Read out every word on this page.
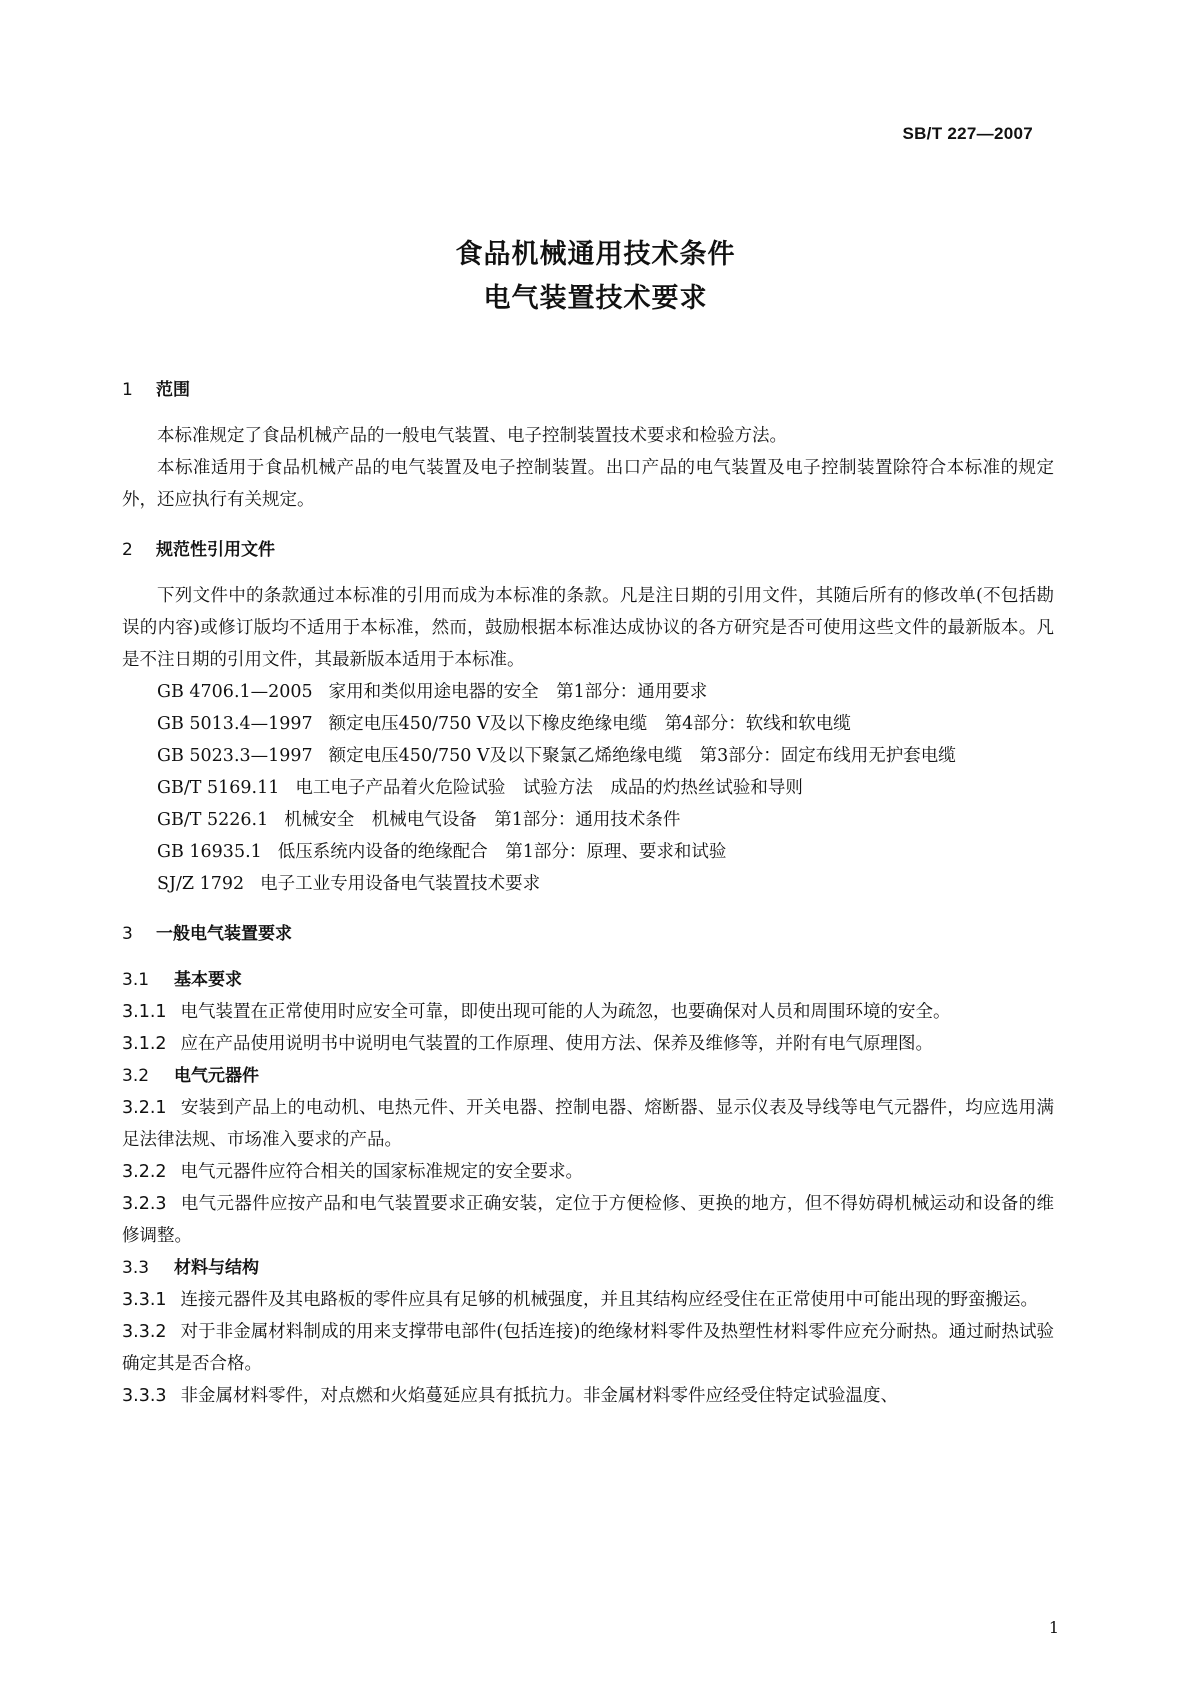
SB/T 227—2007
食品机械通用技术条件
电气装置技术要求
1 范围

本标准规定了食品机械产品的一般电气装置、电子控制装置技术要求和检验方法。

本标准适用于食品机械产品的电气装置及电子控制装置。出口产品的电气装置及电子控制装置除符合本标准的规定外，还应执行有关规定。

2 规范性引用文件

下列文件中的条款通过本标准的引用而成为本标准的条款。凡是注日期的引用文件，其随后所有的修改单(不包括勘误的内容)或修订版均不适用于本标准，然而，鼓励根据本标准达成协议的各方研究是否可使用这些文件的最新版本。凡是不注日期的引用文件，其最新版本适用于本标准。

GB 4706.1—2005 家用和类似用途电器的安全　第1部分：通用要求

GB 5013.4—1997 额定电压450/750 V及以下橡皮绝缘电缆　第4部分：软线和软电缆

GB 5023.3—1997 额定电压450/750 V及以下聚氯乙烯绝缘电缆　第3部分：固定布线用无护套电缆

GB/T 5169.11 电工电子产品着火危险试验　试验方法　成品的灼热丝试验和导则

GB/T 5226.1 机械安全　机械电气设备　第1部分：通用技术条件

GB 16935.1 低压系统内设备的绝缘配合　第1部分：原理、要求和试验

SJ/Z 1792 电子工业专用设备电气装置技术要求

3 一般电气装置要求
3.1 基本要求

3.1.1 电气装置在正常使用时应安全可靠，即使出现可能的人为疏忽，也要确保对人员和周围环境的安全。

3.1.2 应在产品使用说明书中说明电气装置的工作原理、使用方法、保养及维修等，并附有电气原理图。

3.2 电气元器件

3.2.1 安装到产品上的电动机、电热元件、开关电器、控制电器、熔断器、显示仪表及导线等电气元器件，均应选用满足法律法规、市场准入要求的产品。

3.2.2 电气元器件应符合相关的国家标准规定的安全要求。

3.2.3 电气元器件应按产品和电气装置要求正确安装，定位于方便检修、更换的地方，但不得妨碍机械运动和设备的维修调整。

3.3 材料与结构

3.3.1 连接元器件及其电路板的零件应具有足够的机械强度，并且其结构应经受住在正常使用中可能出现的野蛮搬运。

3.3.2 对于非金属材料制成的用来支撑带电部件(包括连接)的绝缘材料零件及热塑性材料零件应充分耐热。通过耐热试验确定其是否合格。

3.3.3 非金属材料零件，对点燃和火焰蔓延应具有抵抗力。非金属材料零件应经受住特定试验温度、

1
